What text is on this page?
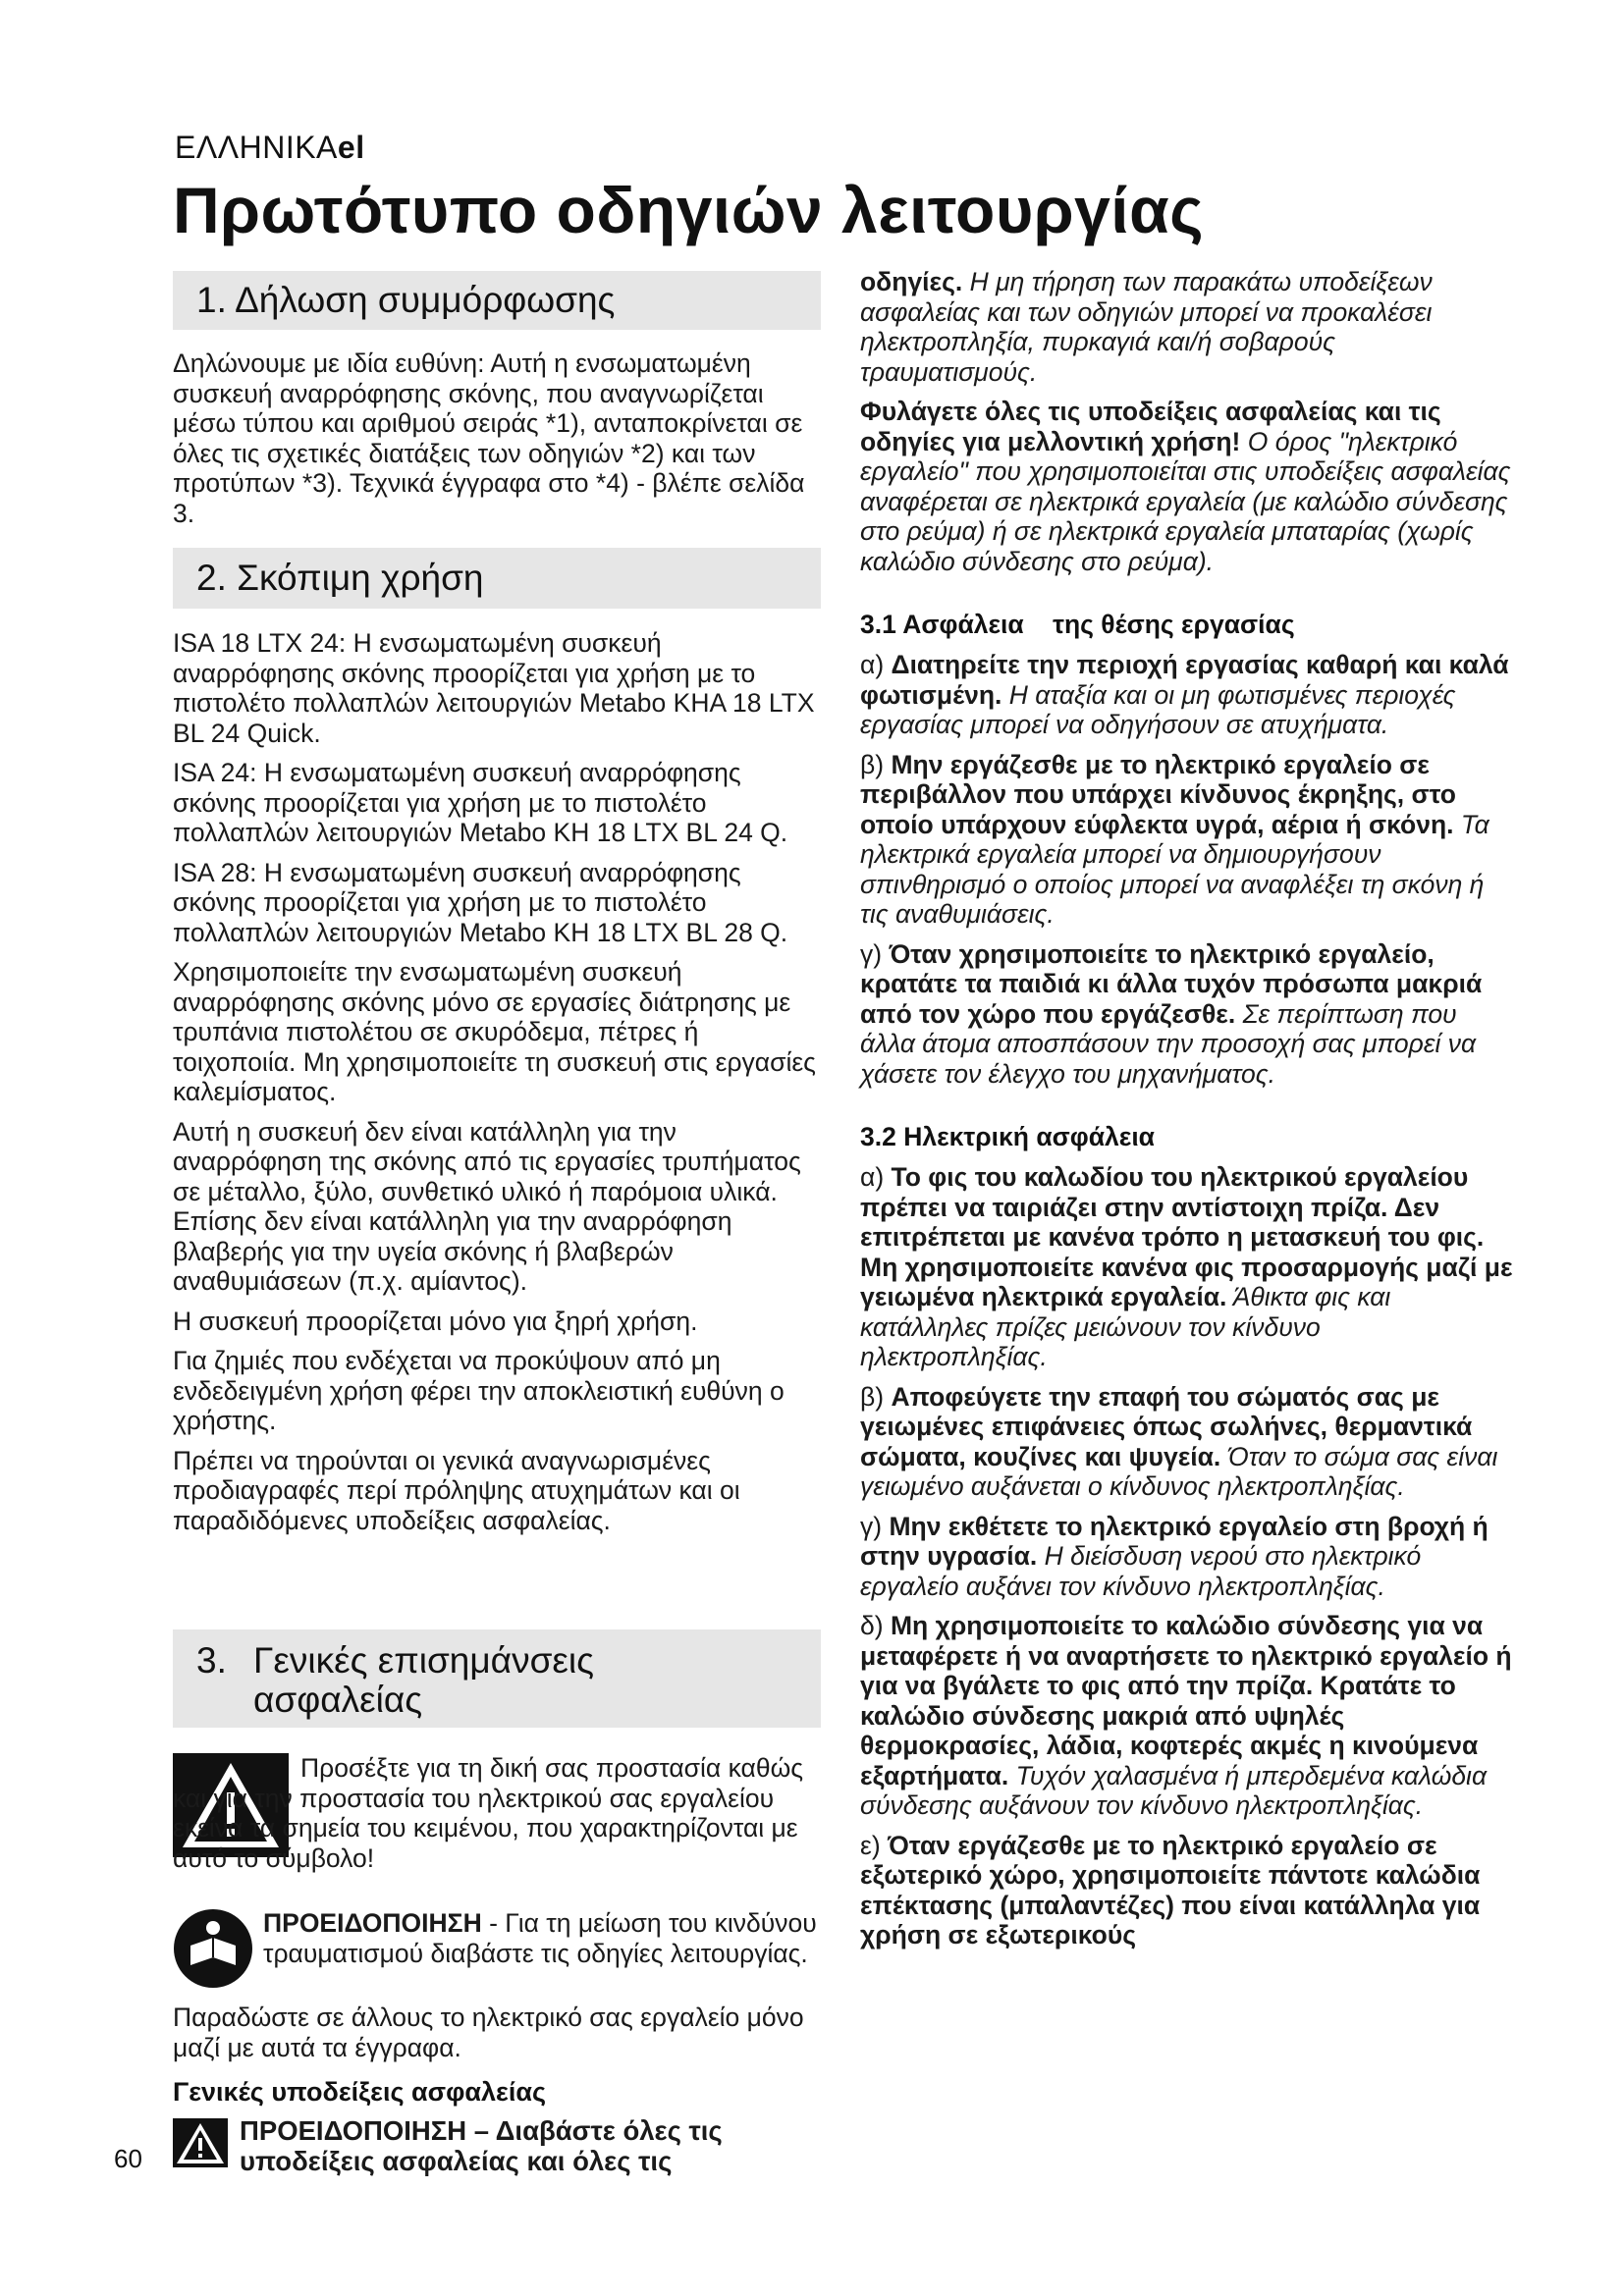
ΕΛΛΗΝΙΚΑel
Πρωτότυπο οδηγιών λειτουργίας
1. Δήλωση συμμόρφωσης

Δηλώνουμε με ιδία ευθύνη: Αυτή η ενσωματωμένη συσκευή αναρρόφησης σκόνης, που αναγνωρίζεται μέσω τύπου και αριθμού σειράς *1), ανταποκρίνεται σε όλες τις σχετικές διατάξεις των οδηγιών *2) και των προτύπων *3). Τεχνικά έγγραφα στο *4) - βλέπε σελίδα 3.

2. Σκόπιμη χρήση

ISA 18 LTX 24: Η ενσωματωμένη συσκευή αναρρόφησης σκόνης προορίζεται για χρήση με το πιστολέτο πολλαπλών λειτουργιών Metabo KHA 18 LTX BL 24 Quick.

ISA 24: Η ενσωματωμένη συσκευή αναρρόφησης σκόνης προορίζεται για χρήση με το πιστολέτο πολλαπλών λειτουργιών Metabo KH 18 LTX BL 24 Q.

ISA 28: Η ενσωματωμένη συσκευή αναρρόφησης σκόνης προορίζεται για χρήση με το πιστολέτο πολλαπλών λειτουργιών Metabo KH 18 LTX BL 28 Q.

Χρησιμοποιείτε την ενσωματωμένη συσκευή αναρρόφησης σκόνης μόνο σε εργασίες διάτρησης με τρυπάνια πιστολέτου σε σκυρόδεμα, πέτρες ή τοιχοποιία. Μη χρησιμοποιείτε τη συσκευή στις εργασίες καλεμίσματος.

Αυτή η συσκευή δεν είναι κατάλληλη για την αναρρόφηση της σκόνης από τις εργασίες τρυπήματος σε μέταλλο, ξύλο, συνθετικό υλικό ή παρόμοια υλικά. Επίσης δεν είναι κατάλληλη για την αναρρόφηση βλαβερής για την υγεία σκόνης ή βλαβερών αναθυμιάσεων (π.χ. αμίαντος).

Η συσκευή προορίζεται μόνο για ξηρή χρήση.

Για ζημιές που ενδέχεται να προκύψουν από μη ενδεδειγμένη χρήση φέρει την αποκλειστική ευθύνη ο χρήστης.

Πρέπει να τηρούνται οι γενικά αναγνωρισμένες προδιαγραφές περί πρόληψης ατυχημάτων και οι παραδιδόμενες υποδείξεις ασφαλείας.

3. Γενικές επισημάνσεις
ασφαλείας

Προσέξτε για τη δική σας προστασία καθώς και για την προστασία του ηλεκτρικού σας εργαλείου εκείνα τα σημεία του κειμένου, που χαρακτηρίζονται με αυτό το σύμβολο!

ΠΡΟΕΙΔΟΠΟΙΗΣΗ - Για τη μείωση του κινδύνου τραυματισμού διαβάστε τις οδηγίες λειτουργίας.

Παραδώστε σε άλλους το ηλεκτρικό σας εργαλείο μόνο μαζί με αυτά τα έγγραφα.

Γενικές υποδείξεις ασφαλείας

ΠΡΟΕΙΔΟΠΟΙΗΣΗ – Διαβάστε όλες τις υποδείξεις ασφαλείας και όλες τις

οδηγίες. Η μη τήρηση των παρακάτω υποδείξεων ασφαλείας και των οδηγιών μπορεί να προκαλέσει ηλεκτροπληξία, πυρκαγιά και/ή σοβαρούς τραυματισμούς.

Φυλάγετε όλες τις υποδείξεις ασφαλείας και τις οδηγίες για μελλοντική χρήση! Ο όρος "ηλεκτρικό εργαλείο" που χρησιμοποιείται στις υποδείξεις ασφαλείας αναφέρεται σε ηλεκτρικά εργαλεία (με καλώδιο σύνδεσης στο ρεύμα) ή σε ηλεκτρικά εργαλεία μπαταρίας (χωρίς καλώδιο σύνδεσης στο ρεύμα).

3.1 Ασφάλεια    της θέσης εργασίας

α) Διατηρείτε την περιοχή εργασίας καθαρή και καλά φωτισμένη. Η αταξία και οι μη φωτισμένες περιοχές εργασίας μπορεί να οδηγήσουν σε ατυχήματα.

β) Μην εργάζεσθε με το ηλεκτρικό εργαλείο σε περιβάλλον που υπάρχει κίνδυνος έκρηξης, στο οποίο υπάρχουν εύφλεκτα υγρά, αέρια ή σκόνη. Τα ηλεκτρικά εργαλεία μπορεί να δημιουργήσουν σπινθηρισμό ο οποίος μπορεί να αναφλέξει τη σκόνη ή τις αναθυμιάσεις.

γ) Όταν χρησιμοποιείτε το ηλεκτρικό εργαλείο, κρατάτε τα παιδιά κι άλλα τυχόν πρόσωπα μακριά από τον χώρο που εργάζεσθε. Σε περίπτωση που άλλα άτομα αποσπάσουν την προσοχή σας μπορεί να χάσετε τον έλεγχο του μηχανήματος.

3.2 Ηλεκτρική ασφάλεια

α) Το φις του καλωδίου του ηλεκτρικού εργαλείου πρέπει να ταιριάζει στην αντίστοιχη πρίζα. Δεν επιτρέπεται με κανένα τρόπο η μετασκευή του φις. Μη χρησιμοποιείτε κανένα φις προσαρμογής μαζί με γειωμένα ηλεκτρικά εργαλεία. Άθικτα φις και κατάλληλες πρίζες μειώνουν τον κίνδυνο ηλεκτροπληξίας.

β) Αποφεύγετε την επαφή του σώματός σας με γειωμένες επιφάνειες όπως σωλήνες, θερμαντικά σώματα, κουζίνες και ψυγεία. Όταν το σώμα σας είναι γειωμένο αυξάνεται ο κίνδυνος ηλεκτροπληξίας.

γ) Μην εκθέτετε το ηλεκτρικό εργαλείο στη βροχή ή στην υγρασία. Η διείσδυση νερού στο ηλεκτρικό εργαλείο αυξάνει τον κίνδυνο ηλεκτροπληξίας.

δ) Μη χρησιμοποιείτε το καλώδιο σύνδεσης για να μεταφέρετε ή να αναρτήσετε το ηλεκτρικό εργαλείο ή για να βγάλετε το φις από την πρίζα. Κρατάτε το καλώδιο σύνδεσης μακριά από υψηλές θερμοκρασίες, λάδια, κοφτερές ακμές η κινούμενα εξαρτήματα. Τυχόν χαλασμένα ή μπερδεμένα καλώδια σύνδεσης αυξάνουν τον κίνδυνο ηλεκτροπληξίας.

ε) Όταν εργάζεσθε με το ηλεκτρικό εργαλείο σε εξωτερικό χώρο, χρησιμοποιείτε πάντοτε καλώδια επέκτασης (μπαλαντέζες) που είναι κατάλληλα για χρήση σε εξωτερικούς

60
